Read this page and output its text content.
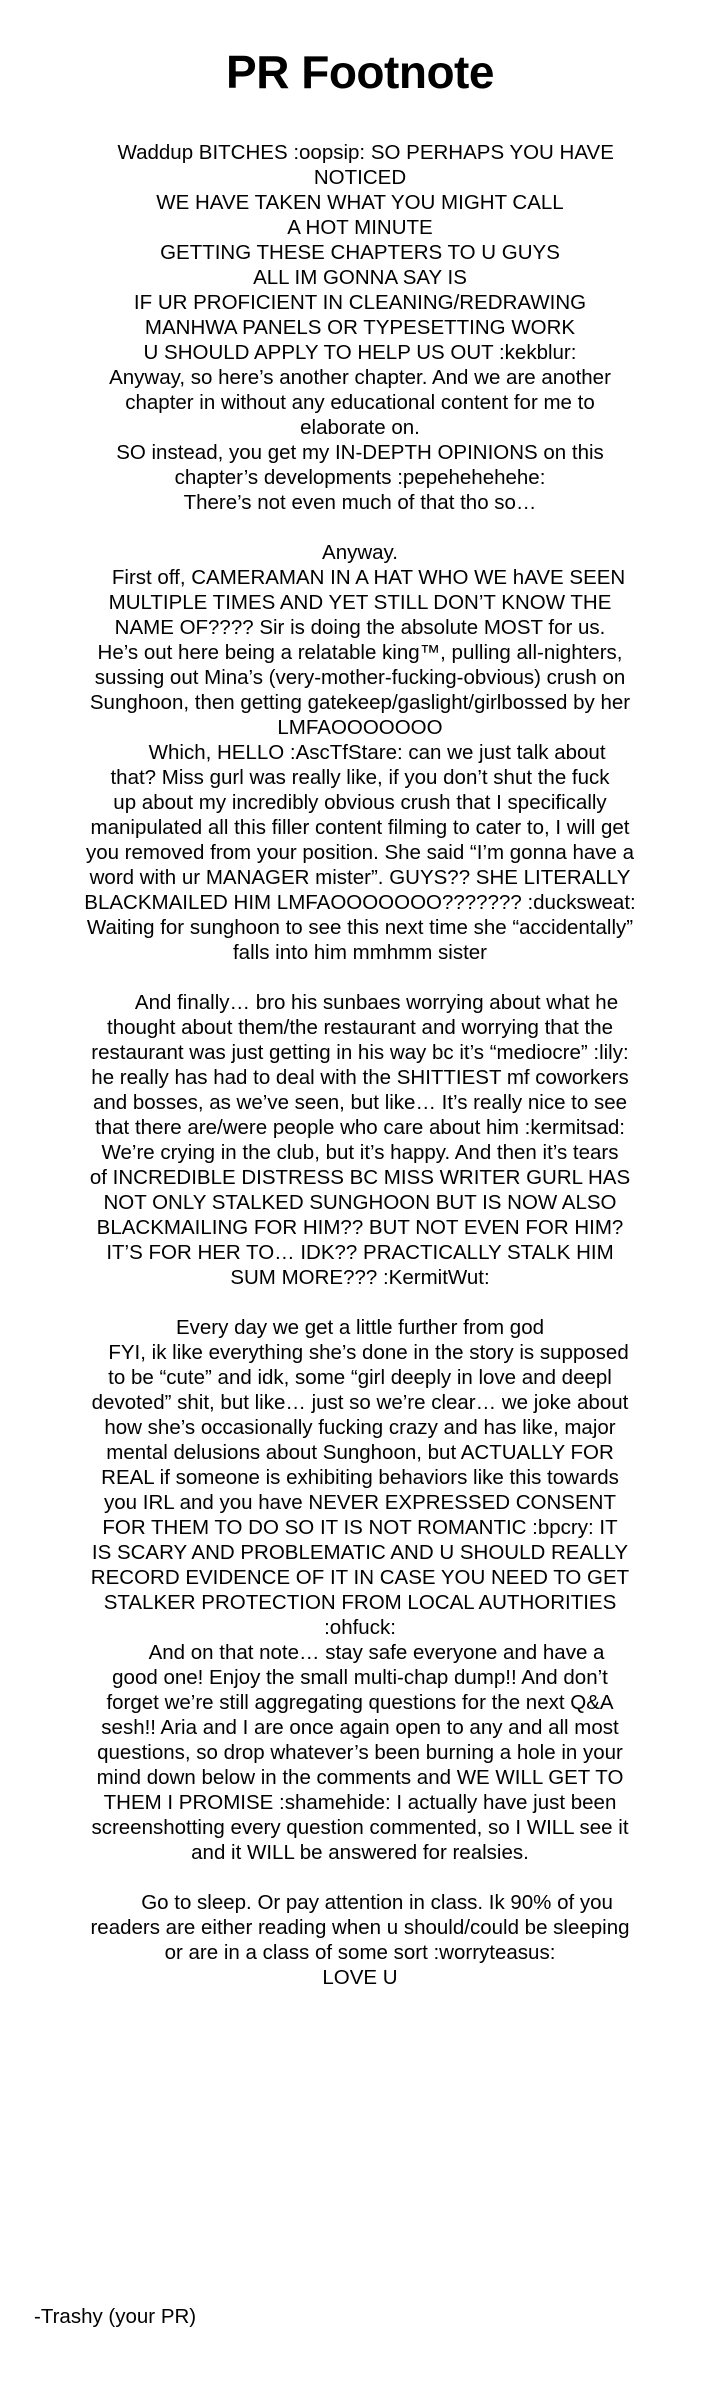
PR Footnote
Waddup BITCHES :oopsip: SO PERHAPS YOU HAVE
NOTICED
WE HAVE TAKEN WHAT YOU MIGHT CALL
A HOT MINUTE
GETTING THESE CHAPTERS TO U GUYS
ALL IM GONNA SAY IS
IF UR PROFICIENT IN CLEANING/REDRAWING
MANHWA PANELS OR TYPESETTING WORK
U SHOULD APPLY TO HELP US OUT :kekblur:
Anyway, so here’s another chapter. And we are another
chapter in without any educational content for me to
elaborate on.
SO instead, you get my IN-DEPTH OPINIONS on this
chapter’s developments :pepehehehehe:
There’s not even much of that tho so…
Anyway.
First off, CAMERAMAN IN A HAT WHO WE hAVE SEEN
MULTIPLE TIMES AND YET STILL DON’T KNOW THE
NAME OF???? Sir is doing the absolute MOST for us.
He’s out here being a relatable king™, pulling all-nighters,
sussing out Mina’s (very-mother-fucking-obvious) crush on
Sunghoon, then getting gatekeep/gaslight/girlbossed by her
LMFAOOOOOOO
Which, HELLO :AscTfStare: can we just talk about
that? Miss gurl was really like, if you don’t shut the fuck
up about my incredibly obvious crush that I specifically
manipulated all this filler content filming to cater to, I will get
you removed from your position. She said “I’m gonna have a
word with ur MANAGER mister”. GUYS?? SHE LITERALLY
BLACKMAILED HIM LMFAOOOOOOO??????? :ducksweat:
Waiting for sunghoon to see this next time she “accidentally”
falls into him mmhmm sister
And finally… bro his sunbaes worrying about what he
thought about them/the restaurant and worrying that the
restaurant was just getting in his way bc it’s “mediocre” :lily:
he really has had to deal with the SHITTIEST mf coworkers
and bosses, as we’ve seen, but like… It’s really nice to see
that there are/were people who care about him :kermitsad:
We’re crying in the club, but it’s happy. And then it’s tears
of INCREDIBLE DISTRESS BC MISS WRITER GURL HAS
NOT ONLY STALKED SUNGHOON BUT IS NOW ALSO
BLACKMAILING FOR HIM?? BUT NOT EVEN FOR HIM?
IT’S FOR HER TO… IDK?? PRACTICALLY STALK HIM
SUM MORE??? :KermitWut:
Every day we get a little further from god
FYI, ik like everything she’s done in the story is supposed
to be “cute” and idk, some “girl deeply in love and deepl
devoted” shit, but like… just so we’re clear… we joke about
how she’s occasionally fucking crazy and has like, major
mental delusions about Sunghoon, but ACTUALLY FOR
REAL if someone is exhibiting behaviors like this towards
you IRL and you have NEVER EXPRESSED CONSENT
FOR THEM TO DO SO IT IS NOT ROMANTIC :bpcry: IT
IS SCARY AND PROBLEMATIC AND U SHOULD REALLY
RECORD EVIDENCE OF IT IN CASE YOU NEED TO GET
STALKER PROTECTION FROM LOCAL AUTHORITIES
:ohfuck:
And on that note… stay safe everyone and have a
good one! Enjoy the small multi-chap dump!! And don’t
forget we’re still aggregating questions for the next Q&A
sesh!! Aria and I are once again open to any and all most
questions, so drop whatever’s been burning a hole in your
mind down below in the comments and WE WILL GET TO
THEM I PROMISE :shamehide: I actually have just been
screenshotting every question commented, so I WILL see it
and it WILL be answered for realsies.
Go to sleep. Or pay attention in class. Ik 90% of you
readers are either reading when u should/could be sleeping
or are in a class of some sort :worryteasus:
LOVE U
-Trashy (your PR)
